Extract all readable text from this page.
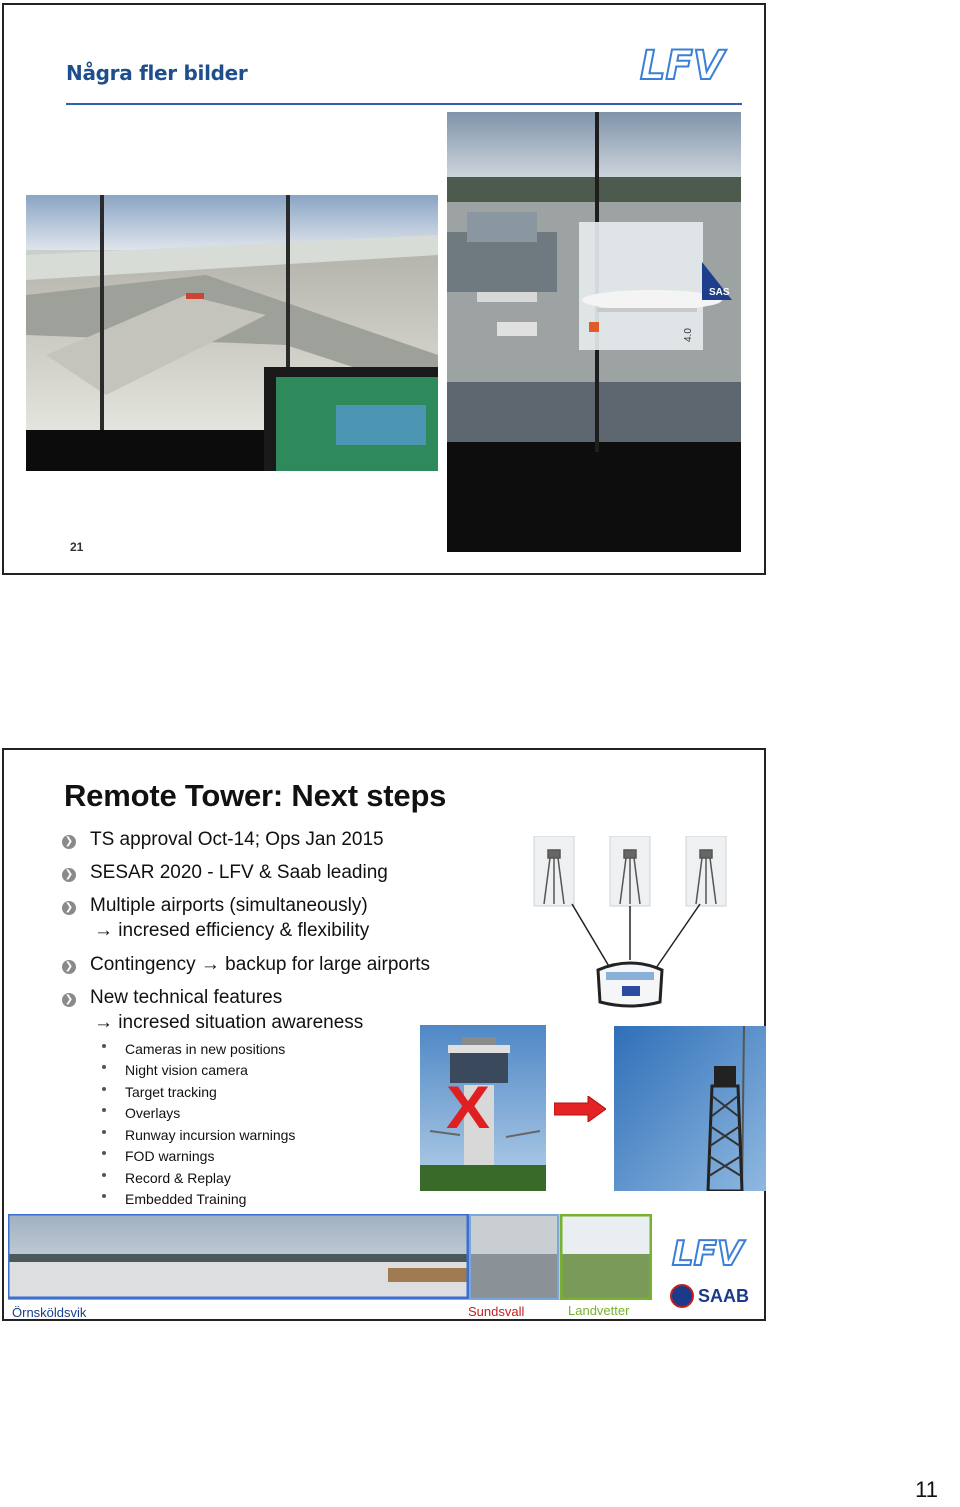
Några fler bilder	LFV
SAS
4.0
21
Remote Tower: Next steps
❯ TS approval Oct-14; Ops Jan 2015
❯ SESAR 2020 - LFV & Saab leading
❯ Multiple airports (simultaneously)
→ incresed efficiency & flexibility
❯ Contingency → backup for large airports
❯ New technical features
→ incresed situation awareness
Cameras in new positions
Night vision camera
Target tracking
Overlays
Runway incursion warnings
FOD warnings
Record & Replay
Embedded Training
X
Örnsköldsvik	Sundsvall	Landvetter
LFV
SAAB
11
